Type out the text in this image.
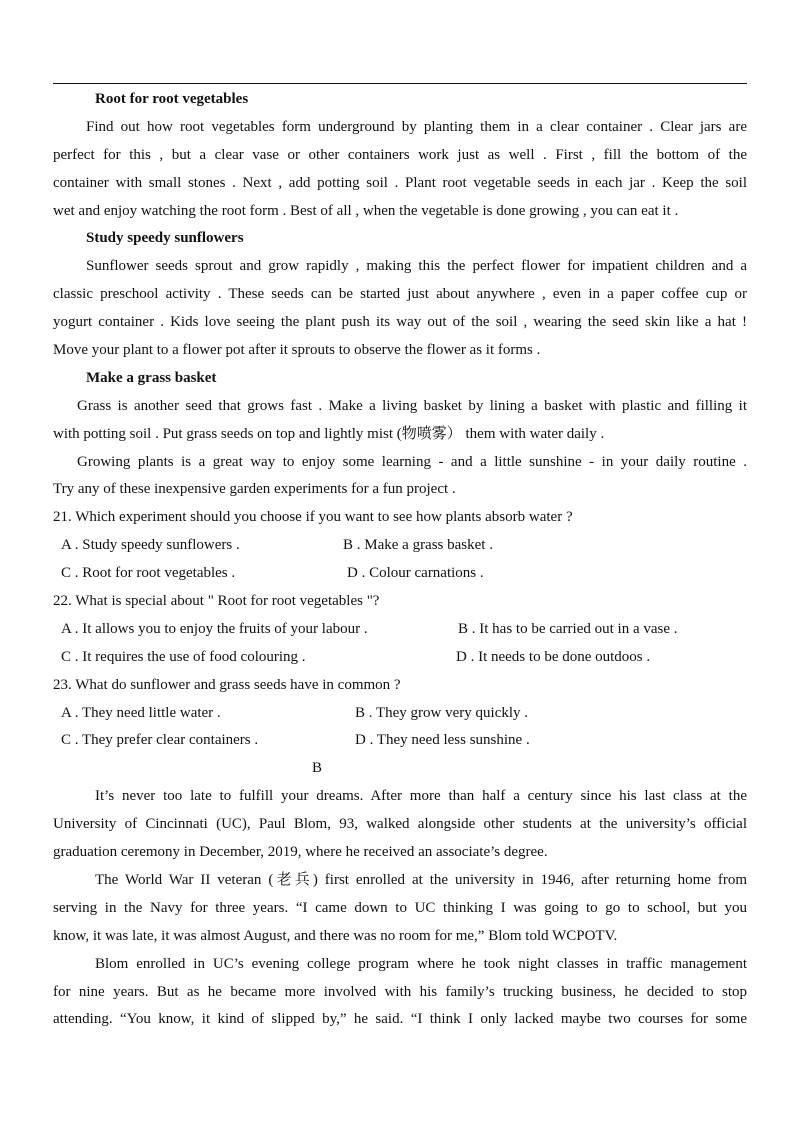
Root for root vegetables
Find out how root vegetables form underground by planting them in a clear container . Clear jars are
perfect for this , but a clear vase or other containers work just as well . First , fill the bottom of the
container with small stones . Next , add potting soil . Plant root vegetable seeds in each jar . Keep the soil
wet and enjoy watching the root form . Best of all , when the vegetable is done growing , you can eat it .
Study speedy sunflowers
Sunflower seeds sprout and grow rapidly , making this the perfect flower for impatient children and a
classic preschool activity . These seeds can be started just about anywhere , even in a paper coffee cup or
yogurt container . Kids love seeing the plant push its way out of the soil , wearing the seed skin like a hat !
Move your plant to a flower pot after it sprouts to observe the flower as it forms .
Make a grass basket
Grass is another seed that grows fast . Make a living basket by lining a basket with plastic and filling it
with potting soil . Put grass seeds on top and lightly mist (物喷雾） them with water daily .
Growing plants is a great way to enjoy some learning - and a little sunshine - in your daily routine .
Try any of these inexpensive garden experiments for a fun project .
21. Which experiment should you choose if you want to see how plants absorb water ?
A . Study speedy sunflowers .	B . Make a grass basket .
C . Root for root vegetables .	D . Colour carnations .
22. What is special about " Root for root vegetables "?
A . It allows you to enjoy the fruits of your labour .	B . It has to be carried out in a vase .
C . It requires the use of food colouring .	D . It needs to be done outdoos .
23. What do sunflower and grass seeds have in common ?
A . They need little water .	B . They grow very quickly .
C . They prefer clear containers .	D . They need less sunshine .
B
It’s never too late to fulfill your dreams. After more than half a century since his last class at the
University of Cincinnati (UC), Paul Blom, 93, walked alongside other students at the university’s official
graduation ceremony in December, 2019, where he received an associate’s degree.
The World War II veteran (老兵) first enrolled at the university in 1946, after returning home from
serving in the Navy for three years. “I came down to UC thinking I was going to go to school, but you
know, it was late, it was almost August, and there was no room for me,” Blom told WCPOTV.
Blom enrolled in UC’s evening college program where he took night classes in traffic management
for nine years. But as he became more involved with his family’s trucking business, he decided to stop
attending. “You know, it kind of slipped by,” he said. “I think I only lacked maybe two courses for some
